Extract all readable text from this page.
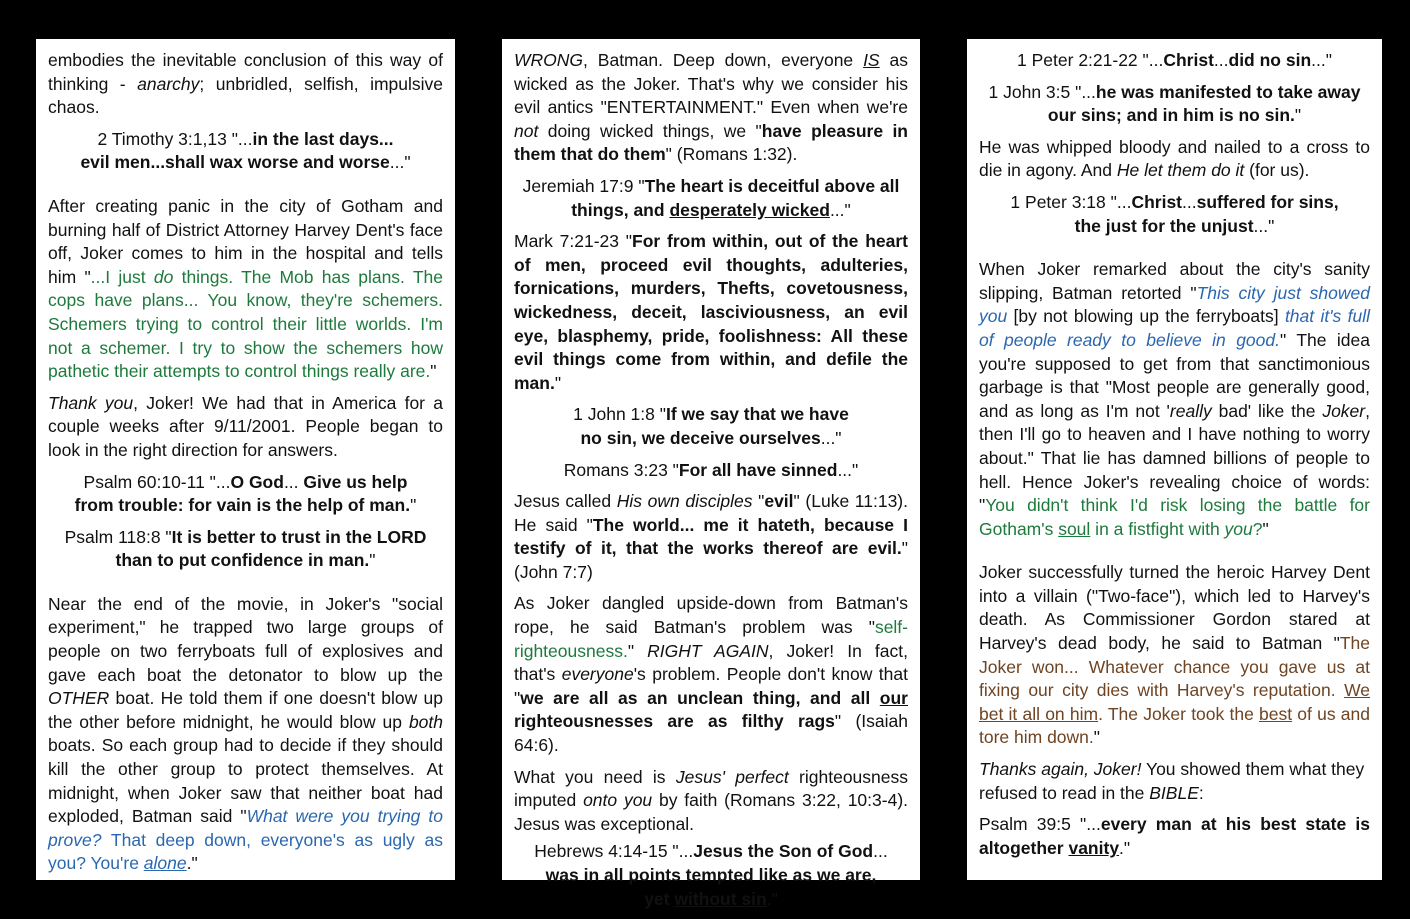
embodies the inevitable conclusion of this way of thinking - anarchy; unbridled, selfish, impulsive chaos.

2 Timothy 3:1,13 "...in the last days...
evil men...shall wax worse and worse..."

After creating panic in the city of Gotham and burning half of District Attorney Harvey Dent's face off, Joker comes to him in the hospital and tells him "...I just do things. The Mob has plans. The cops have plans... You know, they're schemers. Schemers trying to control their little worlds. I'm not a schemer. I try to show the schemers how pathetic their attempts to control things really are."

Thank you, Joker! We had that in America for a couple weeks after 9/11/2001. People began to look in the right direction for answers.

Psalm 60:10-11 "...O God... Give us help
from trouble: for vain is the help of man."

Psalm 118:8 "It is better to trust in the LORD
than to put confidence in man."

Near the end of the movie, in Joker's "social experiment," he trapped two large groups of people on two ferryboats full of explosives and gave each boat the detonator to blow up the OTHER boat. He told them if one doesn't blow up the other before midnight, he would blow up both boats. So each group had to decide if they should kill the other group to protect themselves. At midnight, when Joker saw that neither boat had exploded, Batman said "What were you trying to prove? That deep down, everyone's as ugly as you? You're alone."

WRONG, Batman. Deep down, everyone IS as wicked as the Joker. That's why we consider his evil antics "ENTERTAINMENT." Even when we're not doing wicked things, we "have pleasure in them that do them" (Romans 1:32).

Jeremiah 17:9 "The heart is deceitful above all
things, and desperately wicked..."

Mark 7:21-23 "For from within, out of the heart of men, proceed evil thoughts, adulteries, fornications, murders, Thefts, covetousness, wickedness, deceit, lasciviousness, an evil eye, blasphemy, pride, foolishness: All these evil things come from within, and defile the man."

1 John 1:8 "If we say that we have
no sin, we deceive ourselves..."

Romans 3:23 "For all have sinned..."

Jesus called His own disciples "evil" (Luke 11:13). He said "The world... me it hateth, because I testify of it, that the works thereof are evil." (John 7:7)

As Joker dangled upside-down from Batman's rope, he said Batman's problem was "self-righteousness." RIGHT AGAIN, Joker! In fact, that's everyone's problem. People don't know that "we are all as an unclean thing, and all our righteousnesses are as filthy rags" (Isaiah 64:6).

What you need is Jesus' perfect righteousness imputed onto you by faith (Romans 3:22, 10:3-4). Jesus was exceptional.

Hebrews 4:14-15 "...Jesus the Son of God...
was in all points tempted like as we are,
yet without sin."

1 Peter 2:21-22 "...Christ...did no sin..."

1 John 3:5 "...he was manifested to take away
our sins; and in him is no sin."

He was whipped bloody and nailed to a cross to die in agony. And He let them do it (for us).

1 Peter 3:18 "...Christ...suffered for sins,
the just for the unjust..."

When Joker remarked about the city's sanity slipping, Batman retorted "This city just showed you [by not blowing up the ferryboats] that it's full of people ready to believe in good." The idea you're supposed to get from that sanctimonious garbage is that "Most people are generally good, and as long as I'm not 'really bad' like the Joker, then I'll go to heaven and I have nothing to worry about." That lie has damned billions of people to hell. Hence Joker's revealing choice of words: "You didn't think I'd risk losing the battle for Gotham's soul in a fistfight with you?"

Joker successfully turned the heroic Harvey Dent into a villain ("Two-face"), which led to Harvey's death. As Commissioner Gordon stared at Harvey's dead body, he said to Batman "The Joker won... Whatever chance you gave us at fixing our city dies with Harvey's reputation. We bet it all on him. The Joker took the best of us and tore him down."

Thanks again, Joker! You showed them what they refused to read in the BIBLE:

Psalm 39:5 "...every man at his best state is altogether vanity."
